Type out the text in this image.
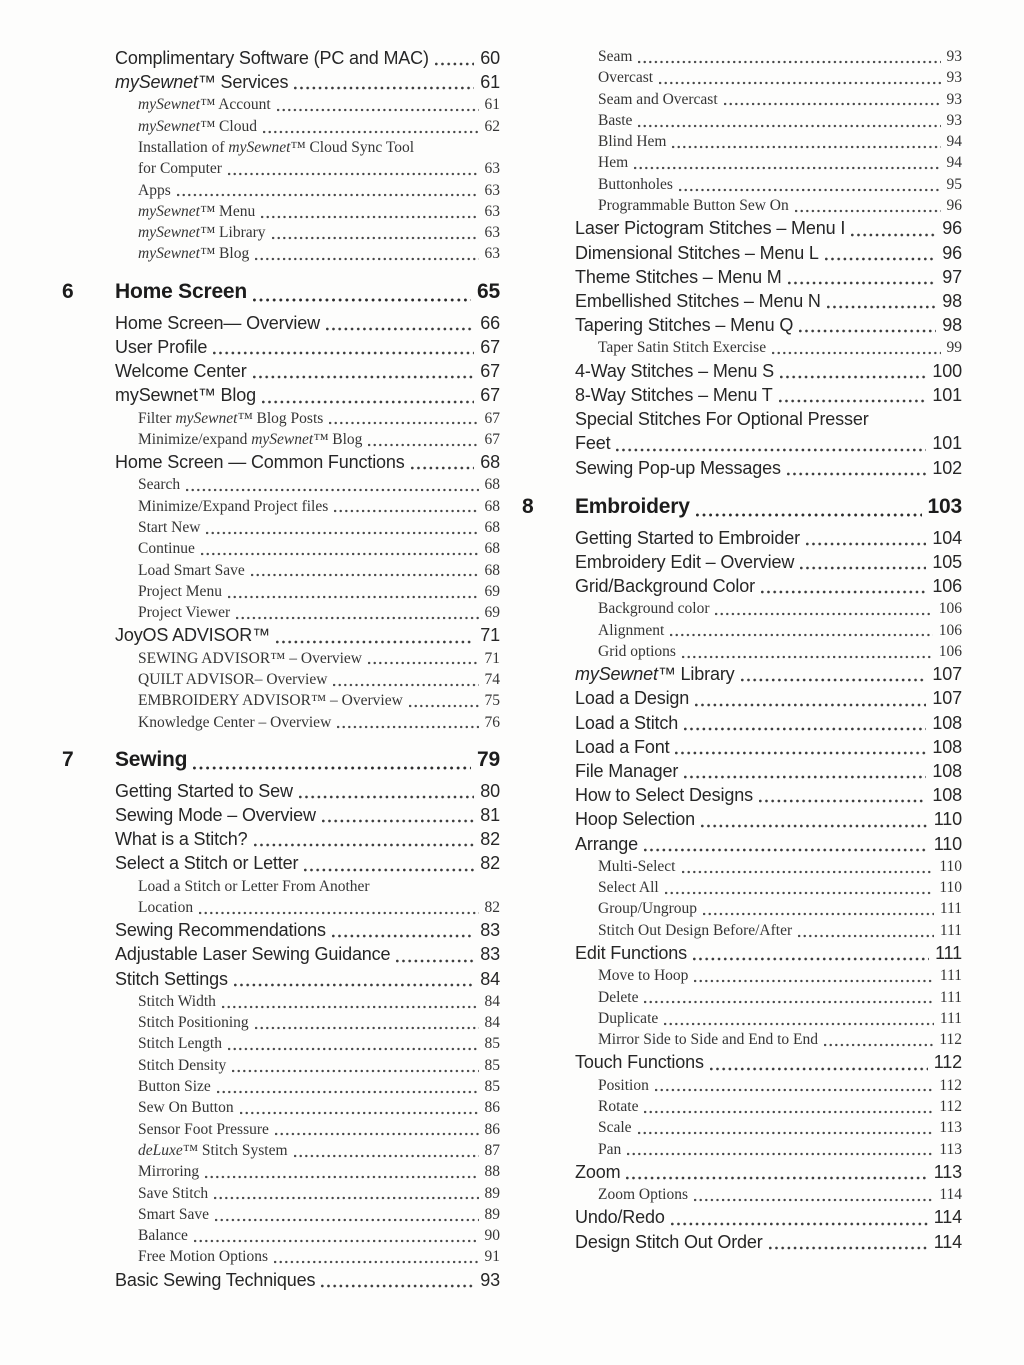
Complimentary Software (PC and MAC)	60
mySewnet™ Services	61
mySewnet™ Account	61
mySewnet™ Cloud	62
Installation of mySewnet™ Cloud Sync Tool
for Computer	63
Apps	63
mySewnet™ Menu	63
mySewnet™ Library	63
mySewnet™ Blog	63
6	Home Screen	65
Home Screen— Overview	66
User Profile	67
Welcome Center	67
mySewnet™ Blog	67
Filter mySewnet™ Blog Posts	67
Minimize/expand mySewnet™ Blog	67
Home Screen — Common Functions	68
Search	68
Minimize/Expand Project files	68
Start New	68
Continue	68
Load Smart Save	68
Project Menu	69
Project Viewer	69
JoyOS ADVISOR™	71
SEWING ADVISOR™ – Overview	71
QUILT ADVISOR– Overview	74
EMBROIDERY ADVISOR™ – Overview	75
Knowledge Center – Overview	76
7	Sewing	79
Getting Started to Sew	80
Sewing Mode – Overview	81
What is a Stitch?	82
Select a Stitch or Letter	82
Load a Stitch or Letter From Another
Location	82
Sewing Recommendations	83
Adjustable Laser Sewing Guidance	83
Stitch Settings	84
Stitch Width	84
Stitch Positioning	84
Stitch Length	85
Stitch Density	85
Button Size	85
Sew On Button	86
Sensor Foot Pressure	86
deLuxe™ Stitch System	87
Mirroring	88
Save Stitch	89
Smart Save	89
Balance	90
Free Motion Options	91
Basic Sewing Techniques	93
Seam	93
Overcast	93
Seam and Overcast	93
Baste	93
Blind Hem	94
Hem	94
Buttonholes	95
Programmable Button Sew On	96
Laser Pictogram Stitches – Menu I	96
Dimensional Stitches – Menu L	96
Theme Stitches – Menu M	97
Embellished Stitches – Menu N	98
Tapering Stitches – Menu Q	98
Taper Satin Stitch Exercise	99
4-Way Stitches – Menu S	100
8-Way Stitches – Menu T	101
Special Stitches For Optional Presser
Feet	101
Sewing Pop-up Messages	102
8	Embroidery	103
Getting Started to Embroider	104
Embroidery Edit – Overview	105
Grid/Background Color	106
Background color	106
Alignment	106
Grid options	106
mySewnet™ Library	107
Load a Design	107
Load a Stitch	108
Load a Font	108
File Manager	108
How to Select Designs	108
Hoop Selection	110
Arrange	110
Multi-Select	110
Select All	110
Group/Ungroup	111
Stitch Out Design Before/After	111
Edit Functions	111
Move to Hoop	111
Delete	111
Duplicate	111
Mirror Side to Side and End to End	112
Touch Functions	112
Position	112
Rotate	112
Scale	113
Pan	113
Zoom	113
Zoom Options	114
Undo/Redo	114
Design Stitch Out Order	114
